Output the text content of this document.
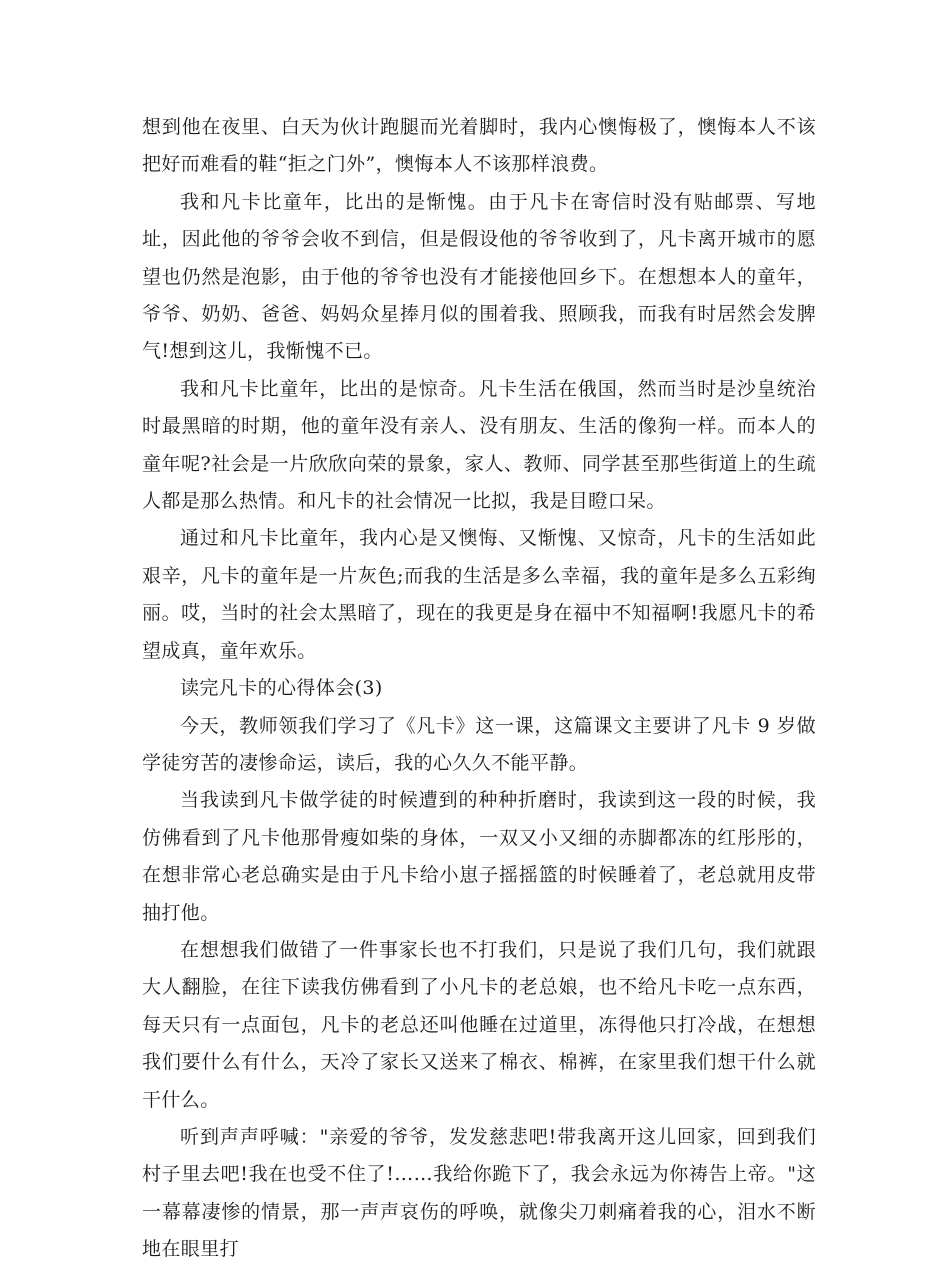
想到他在夜里、白天为伙计跑腿而光着脚时，我内心懊悔极了，懊悔本人不该把好而难看的鞋“拒之门外”，懊悔本人不该那样浪费。

我和凡卡比童年，比出的是惭愧。由于凡卡在寄信时没有贴邮票、写地址，因此他的爷爷会收不到信，但是假设他的爷爷收到了，凡卡离开城市的愿望也仍然是泡影，由于他的爷爷也没有才能接他回乡下。在想想本人的童年，爷爷、奶奶、爸爸、妈妈众星捧月似的围着我、照顾我，而我有时居然会发脾气!想到这儿，我惭愧不已。

我和凡卡比童年，比出的是惊奇。凡卡生活在俄国，然而当时是沙皇统治时最黑暗的时期，他的童年没有亲人、没有朋友、生活的像狗一样。而本人的童年呢?社会是一片欣欣向荣的景象，家人、教师、同学甚至那些街道上的生疏人都是那么热情。和凡卡的社会情况一比拟，我是目瞪口呆。

通过和凡卡比童年，我内心是又懊悔、又惭愧、又惊奇，凡卡的生活如此艰辛，凡卡的童年是一片灰色;而我的生活是多么幸福，我的童年是多么五彩绚丽。哎，当时的社会太黑暗了，现在的我更是身在福中不知福啊!我愿凡卡的希望成真，童年欢乐。

读完凡卡的心得体会(3)

今天，教师领我们学习了《凡卡》这一课，这篇课文主要讲了凡卡 9 岁做学徒穷苦的凄惨命运，读后，我的心久久不能平静。

当我读到凡卡做学徒的时候遭到的种种折磨时，我读到这一段的时候，我仿佛看到了凡卡他那骨瘦如柴的身体，一双又小又细的赤脚都冻的红彤彤的，在想非常心老总确实是由于凡卡给小崽子摇摇篮的时候睡着了，老总就用皮带抽打他。

在想想我们做错了一件事家长也不打我们，只是说了我们几句，我们就跟大人翻脸，在往下读我仿佛看到了小凡卡的老总娘，也不给凡卡吃一点东西，每天只有一点面包，凡卡的老总还叫他睡在过道里，冻得他只打冷战，在想想我们要什么有什么，天冷了家长又送来了棉衣、棉裤，在家里我们想干什么就干什么。

听到声声呼喊："亲爱的爷爷，发发慈悲吧!带我离开这儿回家，回到我们村子里去吧!我在也受不住了!……我给你跪下了，我会永远为你祷告上帝。"这一幕幕凄惨的情景，那一声声哀伤的呼唤，就像尖刀刺痛着我的心，泪水不断地在眼里打
